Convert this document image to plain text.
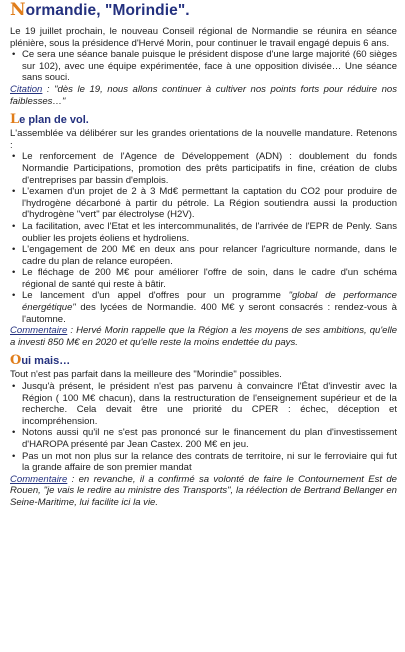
Normandie, "Morindie".

Le 19 juillet prochain, le nouveau Conseil régional de Normandie se réunira en séance plénière, sous la présidence d'Hervé Morin, pour continuer le travail engagé depuis 6 ans.

• Ce sera une séance banale puisque le président dispose d'une large majorité (60 sièges sur 102), avec une équipe expérimentée, face à une opposition divisée… Une séance sans souci.

Citation : "dès le 19, nous allons continuer à cultiver nos points forts pour réduire nos faiblesses…"

Le plan de vol.

L'assemblée va délibérer sur les grandes orientations de la nouvelle mandature. Retenons :

• Le renforcement de l'Agence de Développement (ADN) : doublement du fonds Normandie Participations, promotion des prêts participatifs in fine, création de clubs d'entreprises par bassin d'emplois.
• L'examen d'un projet de 2 à 3 Md€ permettant la captation du CO2 pour produire de l'hydrogène décarboné à partir du pétrole. La Région soutiendra aussi la production d'hydrogène "vert" par électrolyse (H2V).
• La facilitation, avec l'Etat et les intercommunalités, de l'arrivée de l'EPR de Penly. Sans oublier les projets éoliens et hydroliens.
• L'engagement de 200 M€ en deux ans pour relancer l'agriculture normande, dans le cadre du plan de relance européen.
• Le fléchage de 200 M€ pour améliorer l'offre de soin, dans le cadre d'un schéma régional de santé qui reste à bâtir.
• Le lancement d'un appel d'offres pour un programme "global de performance énergétique" des lycées de Normandie. 400 M€ y seront consacrés : rendez-vous à l'automne.

Commentaire : Hervé Morin rappelle que la Région a les moyens de ses ambitions, qu'elle a investi 850 M€ en 2020 et qu'elle reste la moins endettée du pays.

Oui mais…

Tout n'est pas parfait dans la meilleure des "Morindie" possibles.

• Jusqu'à présent, le président n'est pas parvenu à convaincre l'État d'investir avec la Région ( 100 M€ chacun), dans la restructuration de l'enseignement supérieur et de la recherche. Cela devait être une priorité du CPER : échec, déception et incompréhension.
• Notons aussi qu'il ne s'est pas prononcé sur le financement du plan d'investissement d'HAROPA présenté par Jean Castex. 200 M€ en jeu.
• Pas un mot non plus sur la relance des contrats de territoire, ni sur le ferroviaire qui fut la grande affaire de son premier mandat

Commentaire : en revanche, il a confirmé sa volonté de faire le Contournement Est de Rouen, "je vais le redire au ministre des Transports", la réélection de Bertrand Bellanger en Seine-Maritime, lui facilite ici la vie.
